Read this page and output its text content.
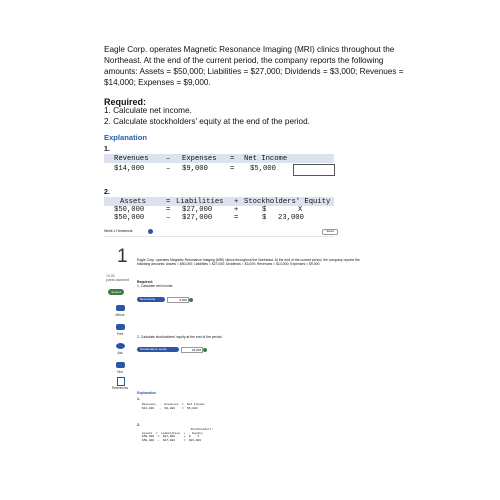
Eagle Corp. operates Magnetic Resonance Imaging (MRI) clinics throughout the Northeast. At the end of the current period, the company reports the following amounts: Assets = $50,000; Liabilities = $27,000; Dividends = $3,000; Revenues = $14,000; Expenses = $9,000.
Required:
1. Calculate net income.
2. Calculate stockholders' equity at the end of the period.
Explanation
1.
Revenues – Expenses = Net Income
$14,000	– $9,000	= $5,000
2.
Assets	= Liabilities + Stockholders' Equity
$50,000	= $27,000	+	$	X
$50,000	– $27,000	=	$ 23,000
Week 1 Homework	Saved
1
10.00
points awarded
Scored
eBook
Print
Ask
Hint
References
Eagle Corp. operates Magnetic Resonance Imaging (MRI) clinics throughout the Northeast. At the end of the current period, the company reports the following amounts: Assets = $50,000; Liabilities = $27,000; Dividends = $3,000; Revenues = $14,000; Expenses = $9,000.
Required:
1. Calculate net income.
Net income	5,000
2. Calculate stockholders' equity at the end of the period.
Stockholders' equity	23,000
Explanation
1.
Revenues  –  Expenses  =  Net Income
$14,000   –  $9,000    =  $5,000
2.
Stockholders'
Assets  =  Liabilities  +    Equity
$50,000  =  $27,000     +  $    X
$50,000  –  $27,000     =  $23,000
